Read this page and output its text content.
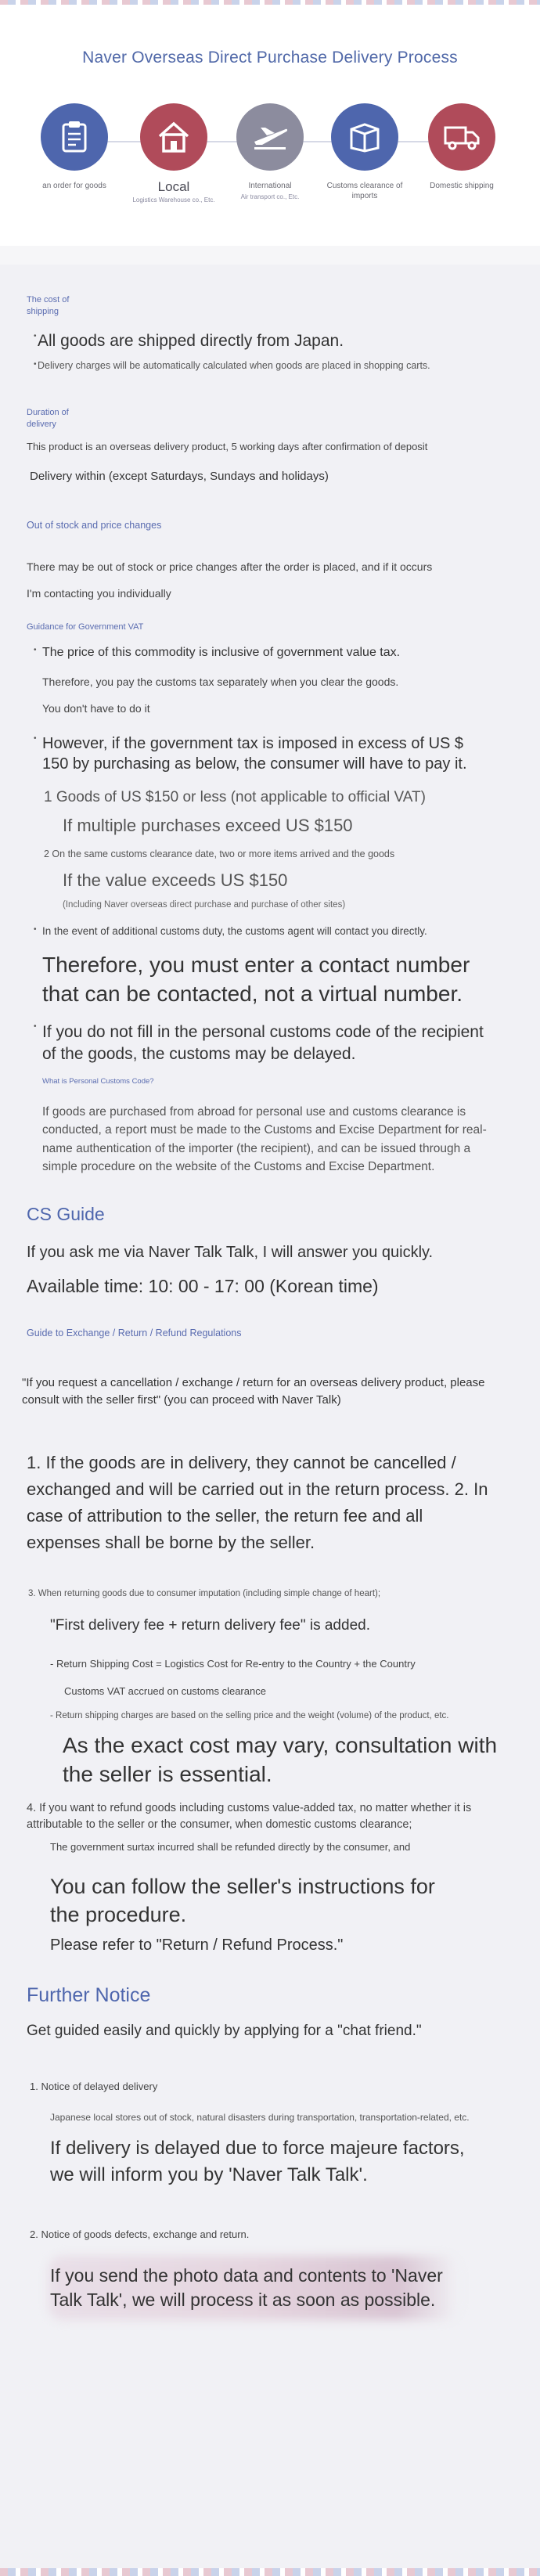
Naver Overseas Direct Purchase Delivery Process
an order for goods	Local
Logistics Warehouse co., Etc.
International
Air transport co., Etc.
Customs clearance of imports
Domestic shipping
The cost of shipping
• All goods are shipped directly from Japan.
• Delivery charges will be automatically calculated when goods are placed in shopping carts.
Duration of delivery
This product is an overseas delivery product, 5 working days after confirmation of deposit
Delivery within (except Saturdays, Sundays and holidays)
Out of stock and price changes
There may be out of stock or price changes after the order is placed, and if it occurs
I'm contacting you individually
Guidance for Government VAT
• The price of this commodity is inclusive of government value tax.
Therefore, you pay the customs tax separately when you clear the goods.
You don't have to do it
• However, if the government tax is imposed in excess of US $ 150 by purchasing as below, the consumer will have to pay it.
1 Goods of US $150 or less (not applicable to official VAT)
If multiple purchases exceed US $150
2 On the same customs clearance date, two or more items arrived and the goods
If the value exceeds US $150
(Including Naver overseas direct purchase and purchase of other sites)
• In the event of additional customs duty, the customs agent will contact you directly.
Therefore, you must enter a contact number that can be contacted, not a virtual number.
• If you do not fill in the personal customs code of the recipient of the goods, the customs may be delayed.
What is Personal Customs Code?
If goods are purchased from abroad for personal use and customs clearance is conducted, a report must be made to the Customs and Excise Department for real-name authentication of the importer (the recipient), and can be issued through a simple procedure on the website of the Customs and Excise Department.
CS Guide
If you ask me via Naver Talk Talk, I will answer you quickly.
Available time: 10: 00 - 17: 00 (Korean time)
Guide to Exchange / Return / Refund Regulations
"If you request a cancellation / exchange / return for an overseas delivery product, please consult with the seller first" (you can proceed with Naver Talk)
1. If the goods are in delivery, they cannot be cancelled / exchanged and will be carried out in the return process. 2. In case of attribution to the seller, the return fee and all expenses shall be borne by the seller.
3. When returning goods due to consumer imputation (including simple change of heart);
"First delivery fee + return delivery fee" is added.
- Return Shipping Cost = Logistics Cost for Re-entry to the Country + the Country
Customs VAT accrued on customs clearance
- Return shipping charges are based on the selling price and the weight (volume) of the product, etc.
As the exact cost may vary, consultation with the seller is essential.
4. If you want to refund goods including customs value-added tax, no matter whether it is attributable to the seller or the consumer, when domestic customs clearance;
The government surtax incurred shall be refunded directly by the consumer, and
You can follow the seller's instructions for the procedure.
Please refer to "Return / Refund Process."
Further Notice
Get guided easily and quickly by applying for a "chat friend."
1. Notice of delayed delivery
Japanese local stores out of stock, natural disasters during transportation, transportation-related, etc.
If delivery is delayed due to force majeure factors, we will inform you by 'Naver Talk Talk'.
2. Notice of goods defects, exchange and return.
If you send the photo data and contents to 'Naver Talk Talk', we will process it as soon as possible.
